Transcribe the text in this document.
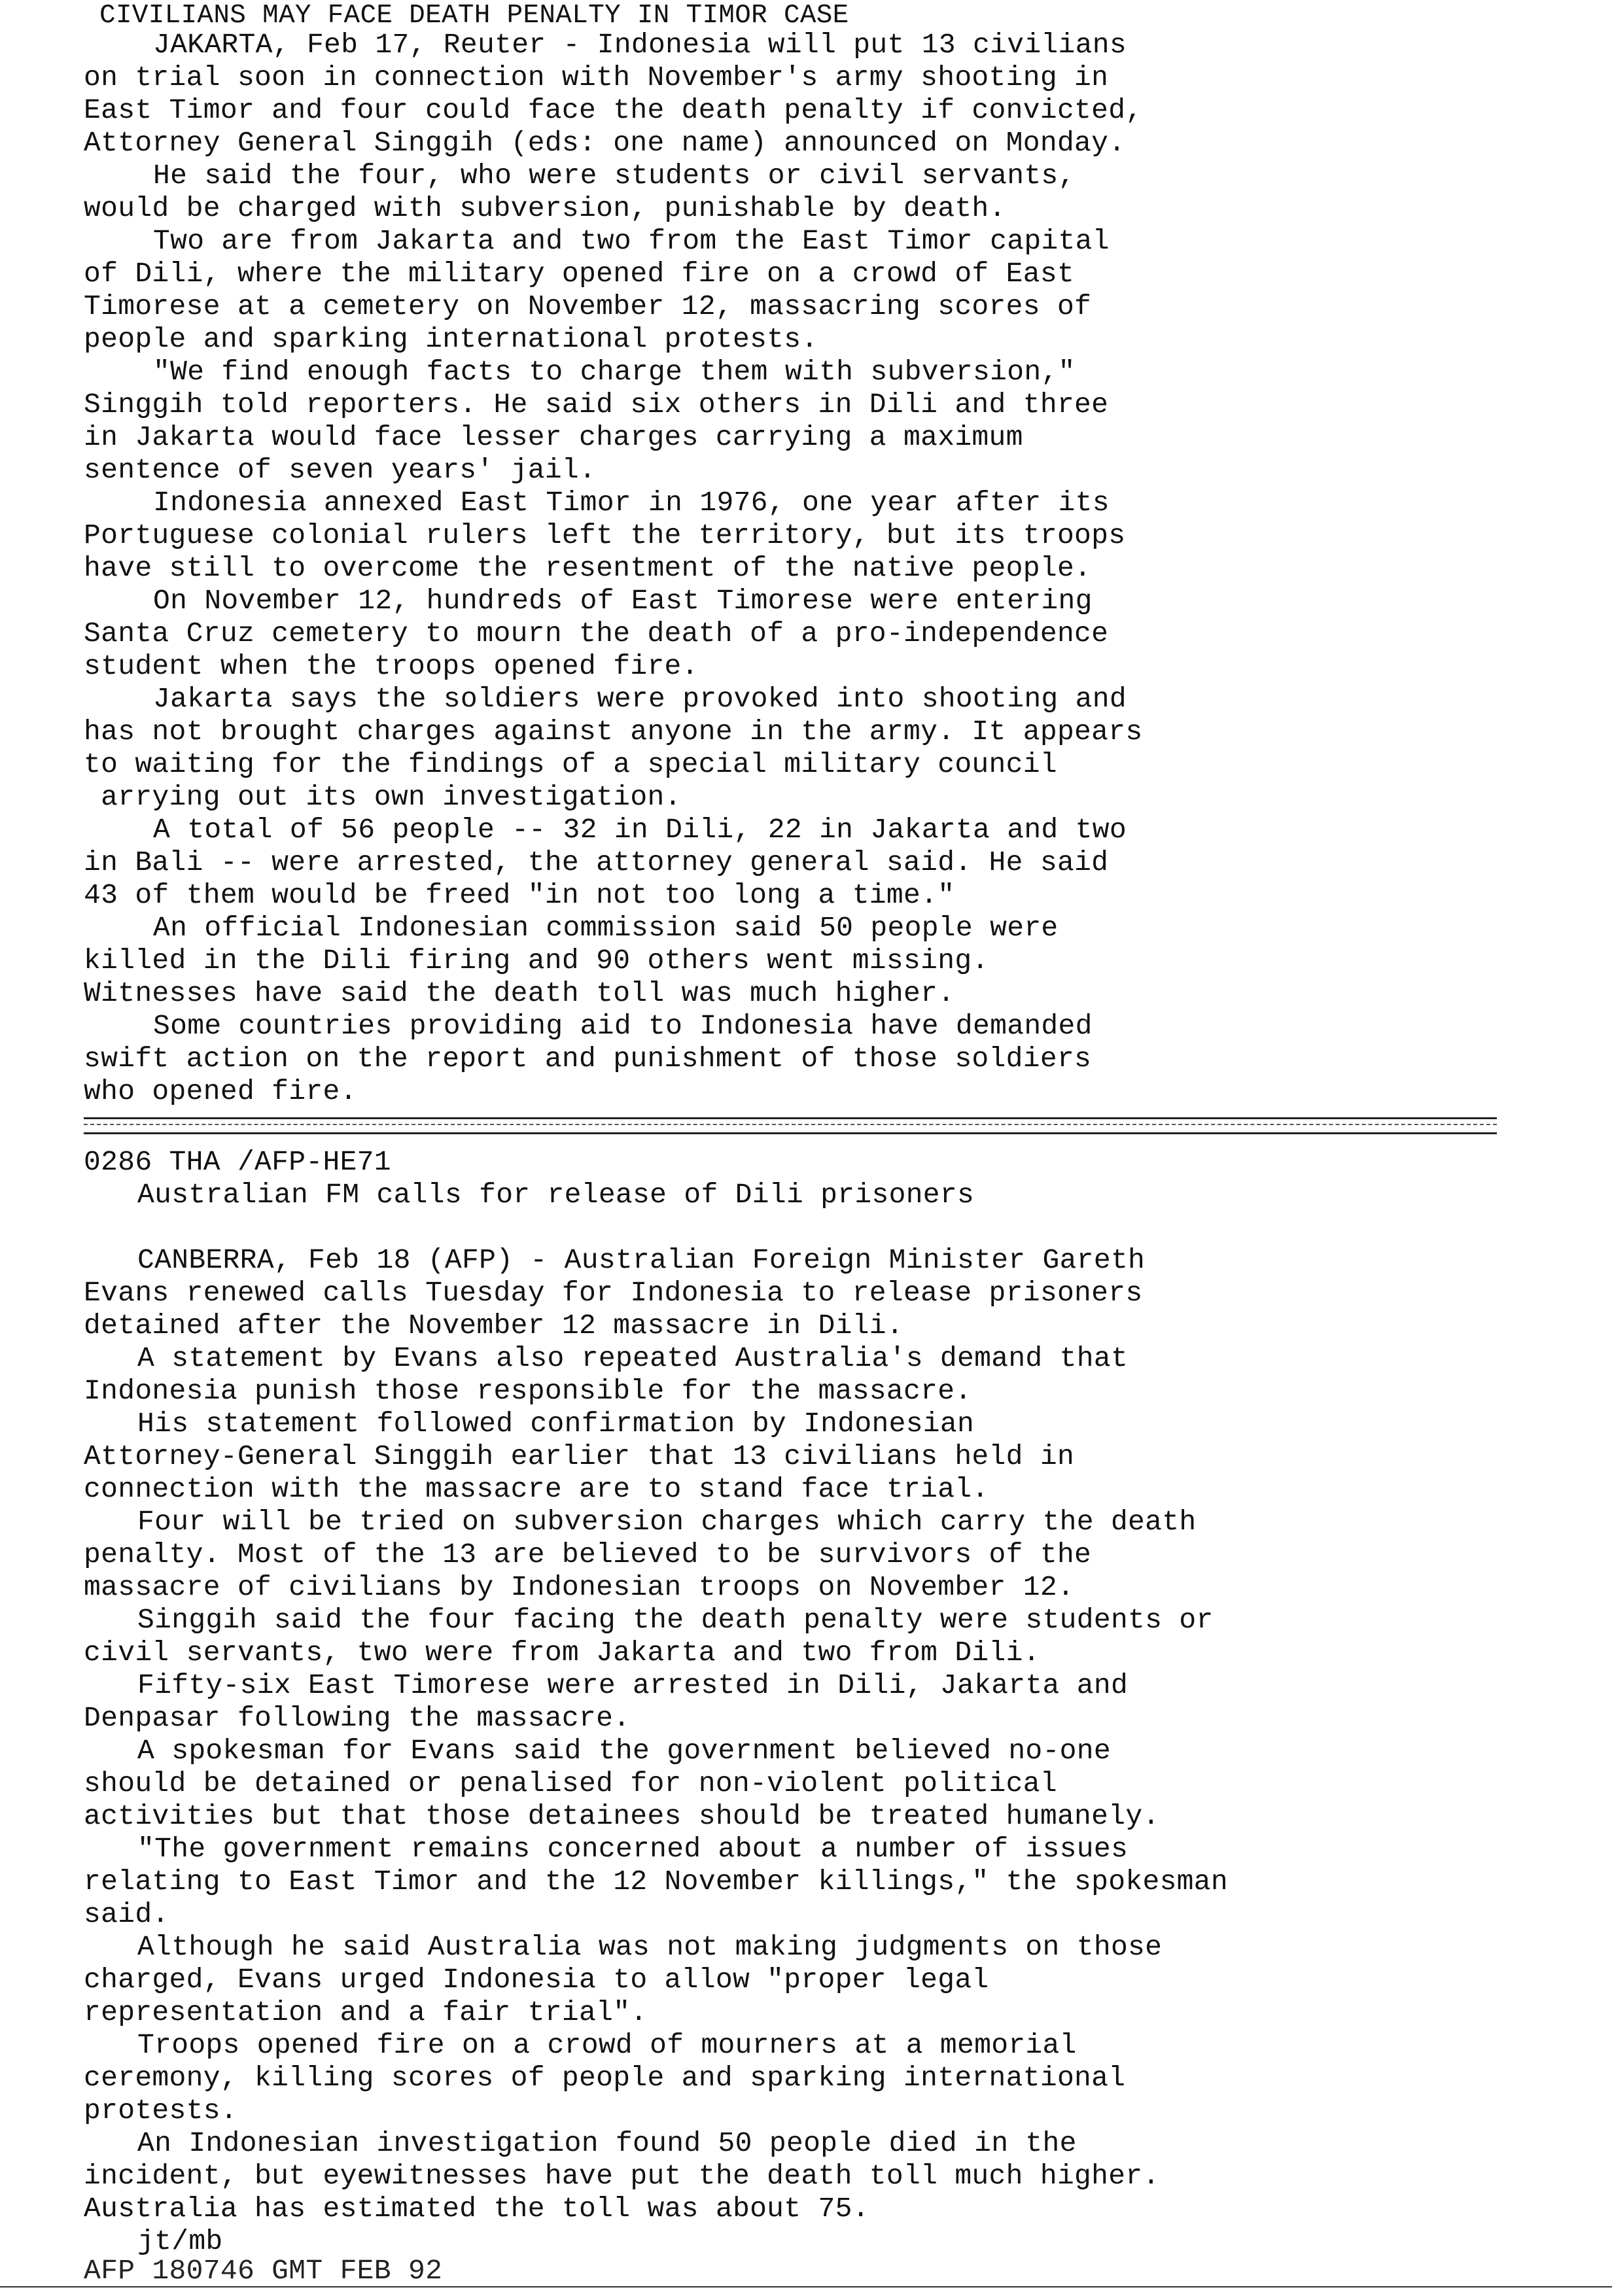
CIVILIANS MAY FACE DEATH PENALTY IN TIMOR CASE
JAKARTA, Feb 17, Reuter - Indonesia will put 13 civilians
on trial soon in connection with November's army shooting in
East Timor and four could face the death penalty if convicted,
Attorney General Singgih (eds: one name) announced on Monday.
He said the four, who were students or civil servants,
would be charged with subversion, punishable by death.
Two are from Jakarta and two from the East Timor capital
of Dili, where the military opened fire on a crowd of East
Timorese at a cemetery on November 12, massacring scores of
people and sparking international protests.
"We find enough facts to charge them with subversion,"
Singgih told reporters. He said six others in Dili and three
in Jakarta would face lesser charges carrying a maximum
sentence of seven years' jail.
Indonesia annexed East Timor in 1976, one year after its
Portuguese colonial rulers left the territory, but its troops
have still to overcome the resentment of the native people.
On November 12, hundreds of East Timorese were entering
Santa Cruz cemetery to mourn the death of a pro-independence
student when the troops opened fire.
Jakarta says the soldiers were provoked into shooting and
has not brought charges against anyone in the army. It appears
to waiting for the findings of a special military council
arrying out its own investigation.
A total of 56 people -- 32 in Dili, 22 in Jakarta and two
in Bali -- were arrested, the attorney general said. He said
43 of them would be freed "in not too long a time."
An official Indonesian commission said 50 people were
killed in the Dili firing and 90 others went missing.
Witnesses have said the death toll was much higher.
Some countries providing aid to Indonesia have demanded
swift action on the report and punishment of those soldiers
who opened fire.
0286 THA /AFP-HE71
Australian FM calls for release of Dili prisoners
CANBERRA, Feb 18 (AFP) - Australian Foreign Minister Gareth
Evans renewed calls Tuesday for Indonesia to release prisoners
detained after the November 12 massacre in Dili.
A statement by Evans also repeated Australia's demand that
Indonesia punish those responsible for the massacre.
His statement followed confirmation by Indonesian
Attorney-General Singgih earlier that 13 civilians held in
connection with the massacre are to stand face trial.
Four will be tried on subversion charges which carry the death
penalty. Most of the 13 are believed to be survivors of the
massacre of civilians by Indonesian troops on November 12.
Singgih said the four facing the death penalty were students or
civil servants, two were from Jakarta and two from Dili.
Fifty-six East Timorese were arrested in Dili, Jakarta and
Denpasar following the massacre.
A spokesman for Evans said the government believed no-one
should be detained or penalised for non-violent political
activities but that those detainees should be treated humanely.
"The government remains concerned about a number of issues
relating to East Timor and the 12 November killings," the spokesman
said.
Although he said Australia was not making judgments on those
charged, Evans urged Indonesia to allow "proper legal
representation and a fair trial".
Troops opened fire on a crowd of mourners at a memorial
ceremony, killing scores of people and sparking international
protests.
An Indonesian investigation found 50 people died in the
incident, but eyewitnesses have put the death toll much higher.
Australia has estimated the toll was about 75.
jt/mb
AFP 180746 GMT FEB 92
